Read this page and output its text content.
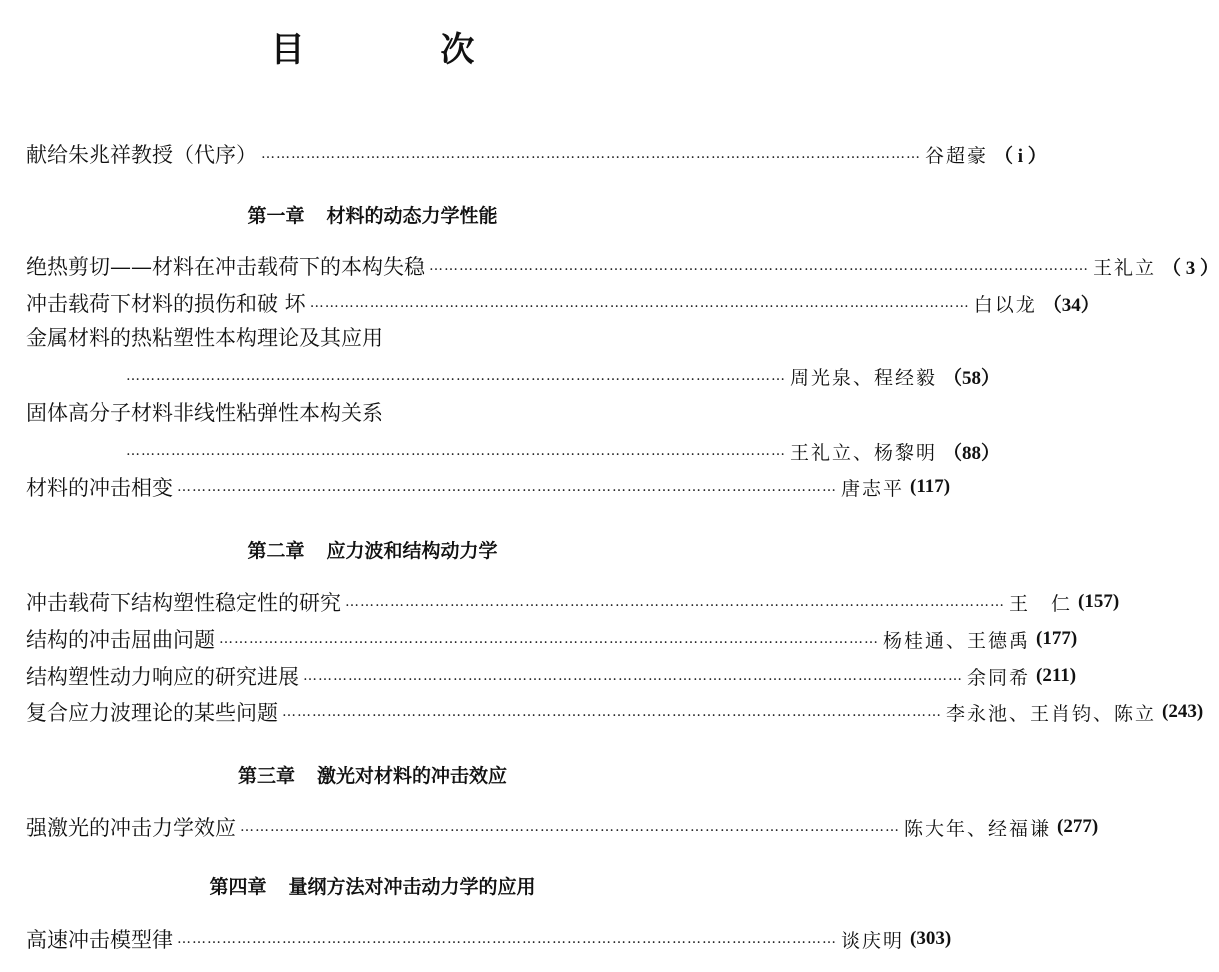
目 次
献给朱兆祥教授（代序） …………………………………………………………………………………………………………………… 谷超豪 （ i ）
第一章 材料的动态力学性能
绝热剪切——材料在冲击载荷下的本构失稳 …………………………………………………………………………………………………………………… 王礼立 （ 3 ）
冲击载荷下材料的损伤和破 坏 …………………………………………………………………………………………………………………… 白以龙 （34）
金属材料的热粘塑性本构理论及其应用
…………………………………………………………………………………………………………………… 周光泉、程经毅 （58）
固体高分子材料非线性粘弹性本构关系
…………………………………………………………………………………………………………………… 王礼立、杨黎明 （88）
材料的冲击相变 …………………………………………………………………………………………………………………… 唐志平 (117)
第二章 应力波和结构动力学
冲击载荷下结构塑性稳定性的研究 …………………………………………………………………………………………………………………… 王　仁 (157)
结构的冲击屈曲问题 …………………………………………………………………………………………………………………… 杨桂通、王德禹 (177)
结构塑性动力响应的研究进展 …………………………………………………………………………………………………………………… 余同希 (211)
复合应力波理论的某些问题 …………………………………………………………………………………………………………………… 李永池、王肖钧、陈立 (243)
第三章 激光对材料的冲击效应
强激光的冲击力学效应 …………………………………………………………………………………………………………………… 陈大年、经福谦 (277)
第四章 量纲方法对冲击动力学的应用
高速冲击模型律 …………………………………………………………………………………………………………………… 谈庆明 (303)
